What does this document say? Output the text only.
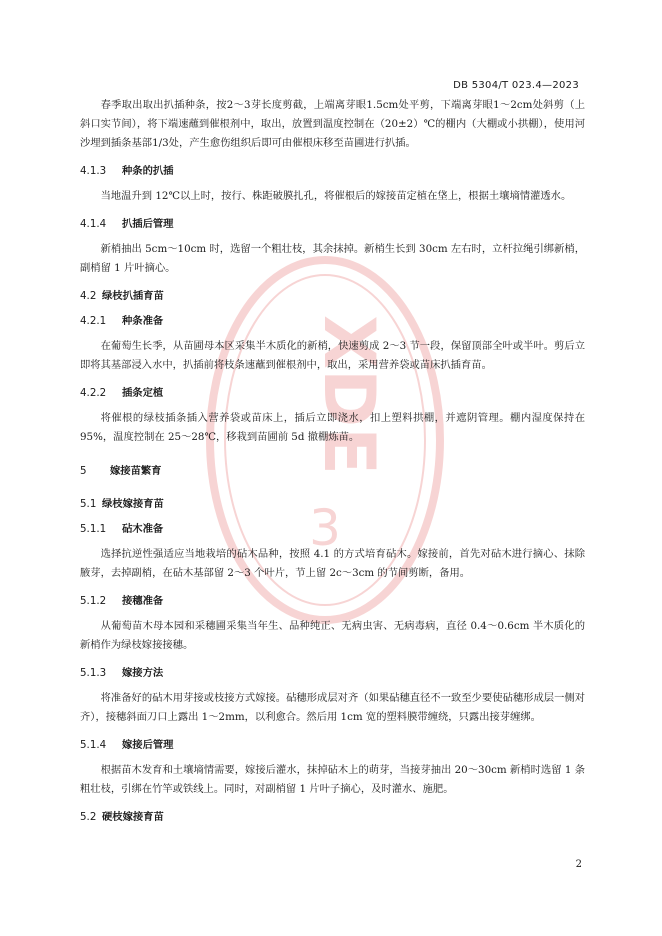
XDE
3
DB 5304/T 023.4—2023

春季取出取出扒插种条，按2～3芽长度剪截，上端离芽眼1.5cm处平剪，下端离芽眼1～2cm处斜剪（上斜口实节间），将下端速蘸到催根剂中，取出，放置到温度控制在（20±2）℃的棚内（大棚或小拱棚），使用河沙埋到插条基部1/3处，产生愈伤组织后即可由催根床移至苗圃进行扒插。

4.1.3 种条的扒插

当地温升到 12℃以上时，按行、株距破膜扎孔，将催根后的嫁接苗定植在垡上，根据土壤墒情灌透水。

4.1.4 扒插后管理

新梢抽出 5cm～10cm 时，选留一个粗壮枝，其余抹掉。新梢生长到 30cm 左右时，立杆拉绳引绑新梢，副梢留 1 片叶摘心。

4.2 绿枝扒插育苗
4.2.1 种条准备

在葡萄生长季，从苗圃母本区采集半木质化的新梢，快速剪成 2～3 节一段，保留顶部全叶或半叶。剪后立即将其基部浸入水中，扒插前将枝条速蘸到催根剂中，取出，采用营养袋或苗床扒插育苗。

4.2.2 插条定植

将催根的绿枝插条插入营养袋或苗床上，插后立即浇水，扣上塑料拱棚，并遮阴管理。棚内湿度保持在 95%，温度控制在 25～28℃，移栽到苗圃前 5d 撤棚炼苗。

5 嫁接苗繁育
5.1 绿枝嫁接育苗
5.1.1 砧木准备

选择抗逆性强适应当地栽培的砧木品种，按照 4.1 的方式培育砧木。嫁接前，首先对砧木进行摘心、抹除腋芽，去掉副梢，在砧木基部留 2～3 个叶片，节上留 2c～3cm 的节间剪断，备用。

5.1.2 接穗准备

从葡萄苗木母本园和采穗圃采集当年生、品种纯正、无病虫害、无病毒病，直径 0.4～0.6cm 半木质化的新梢作为绿枝嫁接接穗。

5.1.3 嫁接方法

将准备好的砧木用芽接或枝接方式嫁接。砧穗形成层对齐（如果砧穗直径不一致至少要使砧穗形成层一侧对齐），接穗斜面刀口上露出 1～2mm，以利愈合。然后用 1cm 宽的塑料膜带缠绕，只露出接芽缠绑。

5.1.4 嫁接后管理

根据苗木发育和土壤墒情需要，嫁接后灌水，抹掉砧木上的萌芽，当接芽抽出 20～30cm 新梢时选留 1 条粗壮枝，引绑在竹竿或铁线上。同时，对副梢留 1 片叶子摘心，及时灌水、施肥。

5.2 硬枝嫁接育苗
2
